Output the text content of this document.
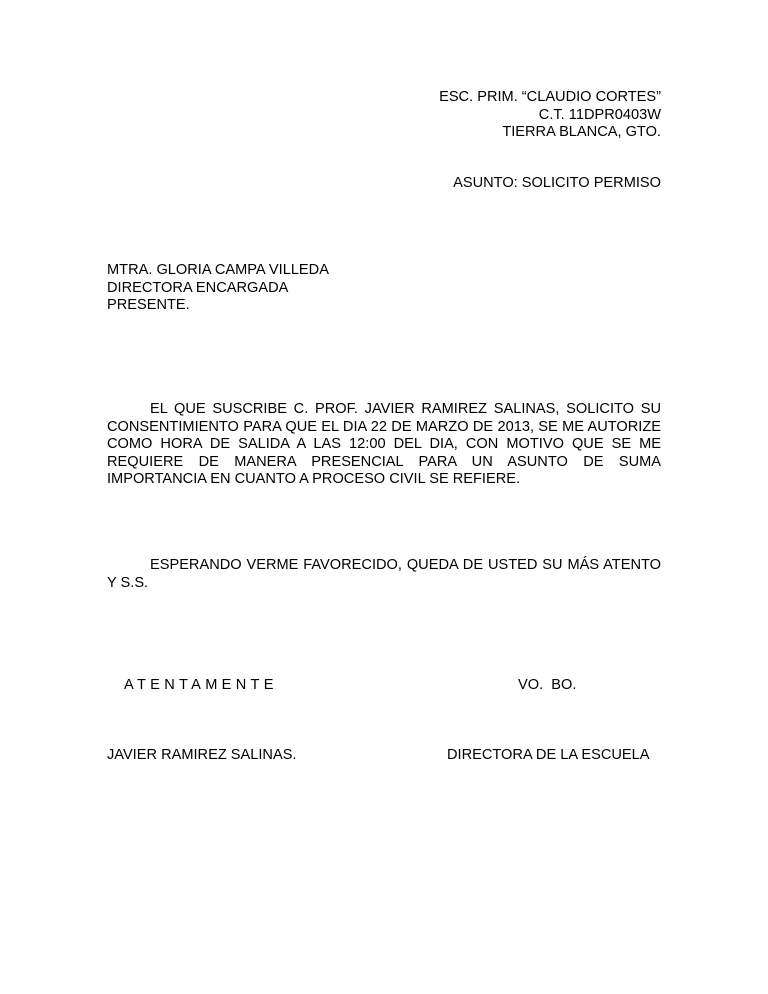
ESC. PRIM. “CLAUDIO CORTES”
C.T. 11DPR0403W
TIERRA BLANCA, GTO.
ASUNTO: SOLICITO PERMISO
MTRA. GLORIA CAMPA VILLEDA
DIRECTORA ENCARGADA
PRESENTE.

EL QUE SUSCRIBE C. PROF. JAVIER RAMIREZ SALINAS, SOLICITO SU CONSENTIMIENTO PARA QUE EL DIA 22 DE MARZO DE 2013, SE ME AUTORIZE COMO HORA DE SALIDA A LAS 12:00 DEL DIA, CON MOTIVO QUE SE ME REQUIERE DE MANERA PRESENCIAL PARA UN ASUNTO DE SUMA IMPORTANCIA EN CUANTO A PROCESO CIVIL SE REFIERE.

ESPERANDO VERME FAVORECIDO, QUEDA DE USTED SU MÁS ATENTO Y S.S.

ATENTAMENTE	VO.  BO.
JAVIER RAMIREZ SALINAS.	DIRECTORA DE LA ESCUELA
